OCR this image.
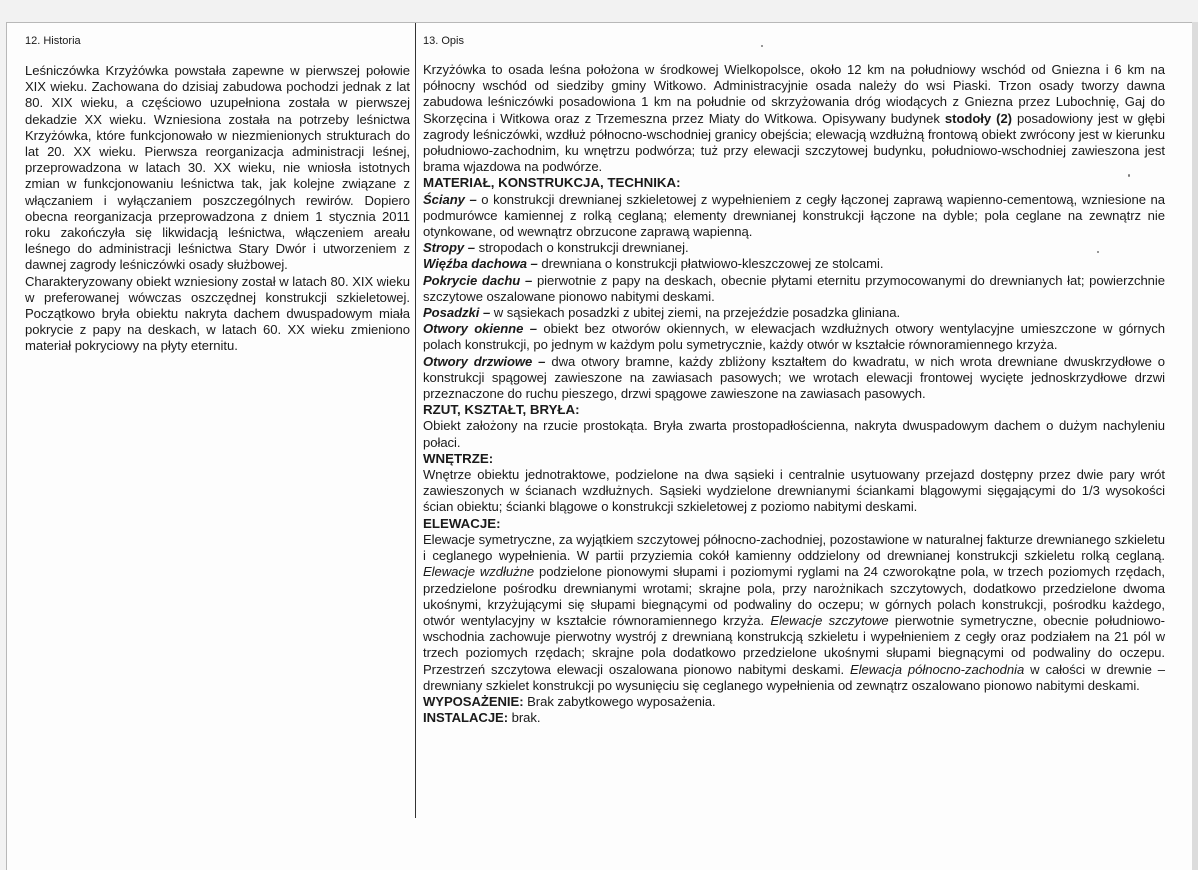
12. Historia

Leśniczówka Krzyżówka powstała zapewne w pierwszej połowie XIX wieku. Zachowana do dzisiaj zabudowa pochodzi jednak z lat 80. XIX wieku, a częściowo uzupełniona została w pierwszej dekadzie XX wieku. Wzniesiona została na potrzeby leśnictwa Krzyżówka, które funkcjonowało w niezmienionych strukturach do lat 20. XX wieku. Pierwsza reorganizacja administracji leśnej, przeprowadzona w latach 30. XX wieku, nie wniosła istotnych zmian w funkcjonowaniu leśnictwa tak, jak kolejne związane z włączaniem i wyłączaniem poszczególnych rewirów. Dopiero obecna reorganizacja przeprowadzona z dniem 1 stycznia 2011 roku zakończyła się likwidacją leśnictwa, włączeniem areału leśnego do administracji leśnictwa Stary Dwór i utworzeniem z dawnej zagrody leśniczówki osady służbowej.

Charakteryzowany obiekt wzniesiony został w latach 80. XIX wieku w preferowanej wówczas oszczędnej konstrukcji szkieletowej. Początkowo bryła obiektu nakryta dachem dwuspadowym miała pokrycie z papy na deskach, w latach 60. XX wieku zmieniono materiał pokryciowy na płyty eternitu.

13. Opis

Krzyżówka to osada leśna położona w środkowej Wielkopolsce, około 12 km na południowy wschód od Gniezna i 6 km na północny wschód od siedziby gminy Witkowo. Administracyjnie osada należy do wsi Piaski. Trzon osady tworzy dawna zabudowa leśniczówki posadowiona 1 km na południe od skrzyżowania dróg wiodących z Gniezna przez Lubochnię, Gaj do Skorzęcina i Witkowa oraz z Trzemeszna przez Miaty do Witkowa. Opisywany budynek stodoły (2) posadowiony jest w głębi zagrody leśniczówki, wzdłuż północno-wschodniej granicy obejścia; elewacją wzdłużną frontową obiekt zwrócony jest w kierunku południowo-zachodnim, ku wnętrzu podwórza; tuż przy elewacji szczytowej budynku, południowo-wschodniej zawieszona jest brama wjazdowa na podwórze.

MATERIAŁ, KONSTRUKCJA, TECHNIKA:

Ściany – o konstrukcji drewnianej szkieletowej z wypełnieniem z cegły łączonej zaprawą wapienno-cementową, wzniesione na podmurówce kamiennej z rolką ceglaną; elementy drewnianej konstrukcji łączone na dyble; pola ceglane na zewnątrz nie otynkowane, od wewnątrz obrzucone zaprawą wapienną.

Stropy – stropodach o konstrukcji drewnianej.

Więźba dachowa – drewniana o konstrukcji płatwiowo-kleszczowej ze stolcami.

Pokrycie dachu – pierwotnie z papy na deskach, obecnie płytami eternitu przymocowanymi do drewnianych łat; powierzchnie szczytowe oszalowane pionowo nabitymi deskami.

Posadzki – w sąsiekach posadzki z ubitej ziemi, na przejeździe posadzka gliniana.

Otwory okienne – obiekt bez otworów okiennych, w elewacjach wzdłużnych otwory wentylacyjne umieszczone w górnych polach konstrukcji, po jednym w każdym polu symetrycznie, każdy otwór w kształcie równoramiennego krzyża.

Otwory drzwiowe – dwa otwory bramne, każdy zbliżony kształtem do kwadratu, w nich wrota drewniane dwuskrzydłowe o konstrukcji spągowej zawieszone na zawiasach pasowych; we wrotach elewacji frontowej wycięte jednoskrzydłowe drzwi przeznaczone do ruchu pieszego, drzwi spągowe zawieszone na zawiasach pasowych.

RZUT, KSZTAŁT, BRYŁA:

Obiekt założony na rzucie prostokąta. Bryła zwarta prostopadłościenna, nakryta dwuspadowym dachem o dużym nachyleniu połaci.

WNĘTRZE:

Wnętrze obiektu jednotraktowe, podzielone na dwa sąsieki i centralnie usytuowany przejazd dostępny przez dwie pary wrót zawieszonych w ścianach wzdłużnych. Sąsieki wydzielone drewnianymi ściankami blągowymi sięgającymi do 1/3 wysokości ścian obiektu; ścianki blągowe o konstrukcji szkieletowej z poziomo nabitymi deskami.

ELEWACJE:

Elewacje symetryczne, za wyjątkiem szczytowej północno-zachodniej, pozostawione w naturalnej fakturze drewnianego szkieletu i ceglanego wypełnienia. W partii przyziemia cokół kamienny oddzielony od drewnianej konstrukcji szkieletu rolką ceglaną. Elewacje wzdłużne podzielone pionowymi słupami i poziomymi ryglami na 24 czworokątne pola, w trzech poziomych rzędach, przedzielone pośrodku drewnianymi wrotami; skrajne pola, przy narożnikach szczytowych, dodatkowo przedzielone dwoma ukośnymi, krzyżującymi się słupami biegnącymi od podwaliny do oczepu; w górnych polach konstrukcji, pośrodku każdego, otwór wentylacyjny w kształcie równoramiennego krzyża. Elewacje szczytowe pierwotnie symetryczne, obecnie południowo-wschodnia zachowuje pierwotny wystrój z drewnianą konstrukcją szkieletu i wypełnieniem z cegły oraz podziałem na 21 pól w trzech poziomych rzędach; skrajne pola dodatkowo przedzielone ukośnymi słupami biegnącymi od podwaliny do oczepu. Przestrzeń szczytowa elewacji oszalowana pionowo nabitymi deskami. Elewacja północno-zachodnia w całości w drewnie – drewniany szkielet konstrukcji po wysunięciu się ceglanego wypełnienia od zewnątrz oszalowano pionowo nabitymi deskami.

WYPOSAŻENIE: Brak zabytkowego wyposażenia.

INSTALACJE: brak.
